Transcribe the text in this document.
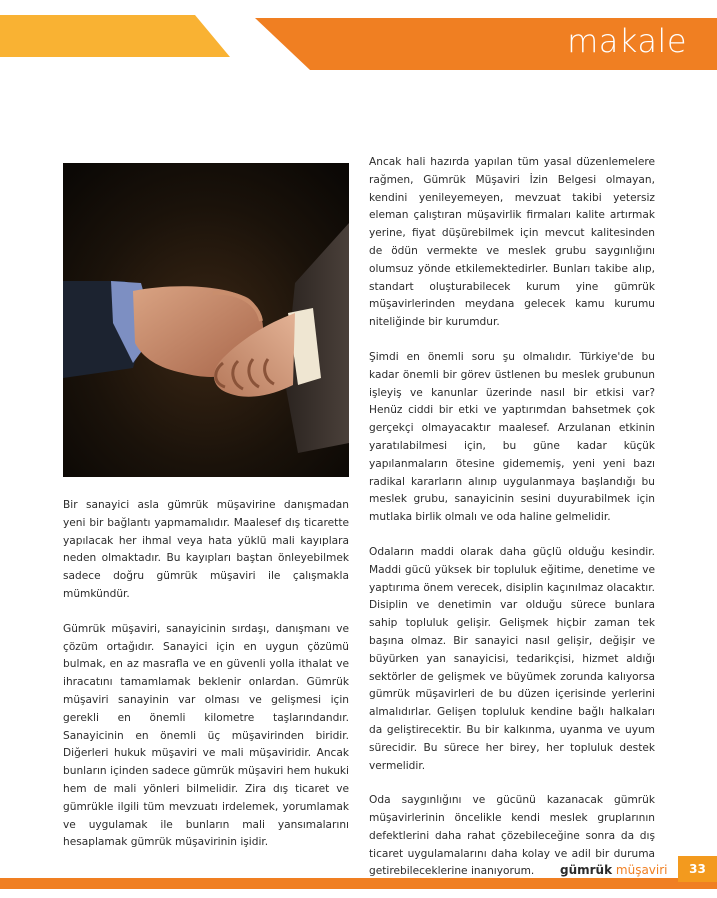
makale

Bir sanayici asla gümrük müşavirine danışmadan yeni bir bağlantı yapmamalıdır. Maalesef dış ticarette yapılacak her ihmal veya hata yüklü mali kayıplara neden olmaktadır. Bu kayıpları baştan önleyebilmek sadece doğru gümrük müşaviri ile çalışmakla mümkündür.

Gümrük müşaviri, sanayicinin sırdaşı, danışmanı ve çözüm ortağıdır. Sanayici için en uygun çözümü bulmak, en az masrafla ve en güvenli yolla ithalat ve ihracatını tamamlamak beklenir onlardan. Gümrük müşaviri sanayinin var olması ve gelişmesi için gerekli en önemli kilometre taşlarındandır. Sanayicinin en önemli üç müşavirinden biridir. Diğerleri hukuk müşaviri ve mali müşaviridir. Ancak bunların içinden sadece gümrük müşaviri hem hukuki hem de mali yönleri bilmelidir. Zira dış ticaret ve gümrükle ilgili tüm mevzuatı irdelemek, yorumlamak ve uygulamak ile bunların mali yansımalarını hesaplamak gümrük müşavirinin işidir.

Ancak hali hazırda yapılan tüm yasal düzenlemelere rağmen, Gümrük Müşaviri İzin Belgesi olmayan, kendini yenileyemeyen, mevzuat takibi yetersiz eleman çalıştıran müşavirlik firmaları kalite artırmak yerine, fiyat düşürebilmek için mevcut kalitesinden de ödün vermekte ve meslek grubu saygınlığını olumsuz yönde etkilemektedirler. Bunları takibe alıp, standart oluşturabilecek kurum yine gümrük müşavirlerinden meydana gelecek kamu kurumu niteliğinde bir kurumdur.

Şimdi en önemli soru şu olmalıdır. Türkiye'de bu kadar önemli bir görev üstlenen bu meslek grubunun işleyiş ve kanunlar üzerinde nasıl bir etkisi var? Henüz ciddi bir etki ve yaptırımdan bahsetmek çok gerçekçi olmayacaktır maalesef. Arzulanan etkinin yaratılabilmesi için, bu güne kadar küçük yapılanmaların ötesine gidememiş, yeni yeni bazı radikal kararların alınıp uygulanmaya başlandığı bu meslek grubu, sanayicinin sesini duyurabilmek için mutlaka birlik olmalı ve oda haline gelmelidir.

Odaların maddi olarak daha güçlü olduğu kesindir. Maddi gücü yüksek bir topluluk eğitime, denetime ve yaptırıma önem verecek, disiplin kaçınılmaz olacaktır. Disiplin ve denetimin var olduğu sürece bunlara sahip topluluk gelişir. Gelişmek hiçbir zaman tek başına olmaz. Bir sanayici nasıl gelişir, değişir ve büyürken yan sanayicisi, tedarikçisi, hizmet aldığı sektörler de gelişmek ve büyümek zorunda kalıyorsa gümrük müşavirleri de bu düzen içerisinde yerlerini almalıdırlar. Gelişen topluluk kendine bağlı halkaları da geliştirecektir. Bu bir kalkınma, uyanma ve uyum sürecidir. Bu sürece her birey, her topluluk destek vermelidir.

Oda saygınlığını ve gücünü kazanacak gümrük müşavirlerinin öncelikle kendi meslek gruplarının defektlerini daha rahat çözebileceğine sonra da dış ticaret uygulamalarını daha kolay ve adil bir duruma getirebileceklerine inanıyorum.	gümrük müşaviri	33
